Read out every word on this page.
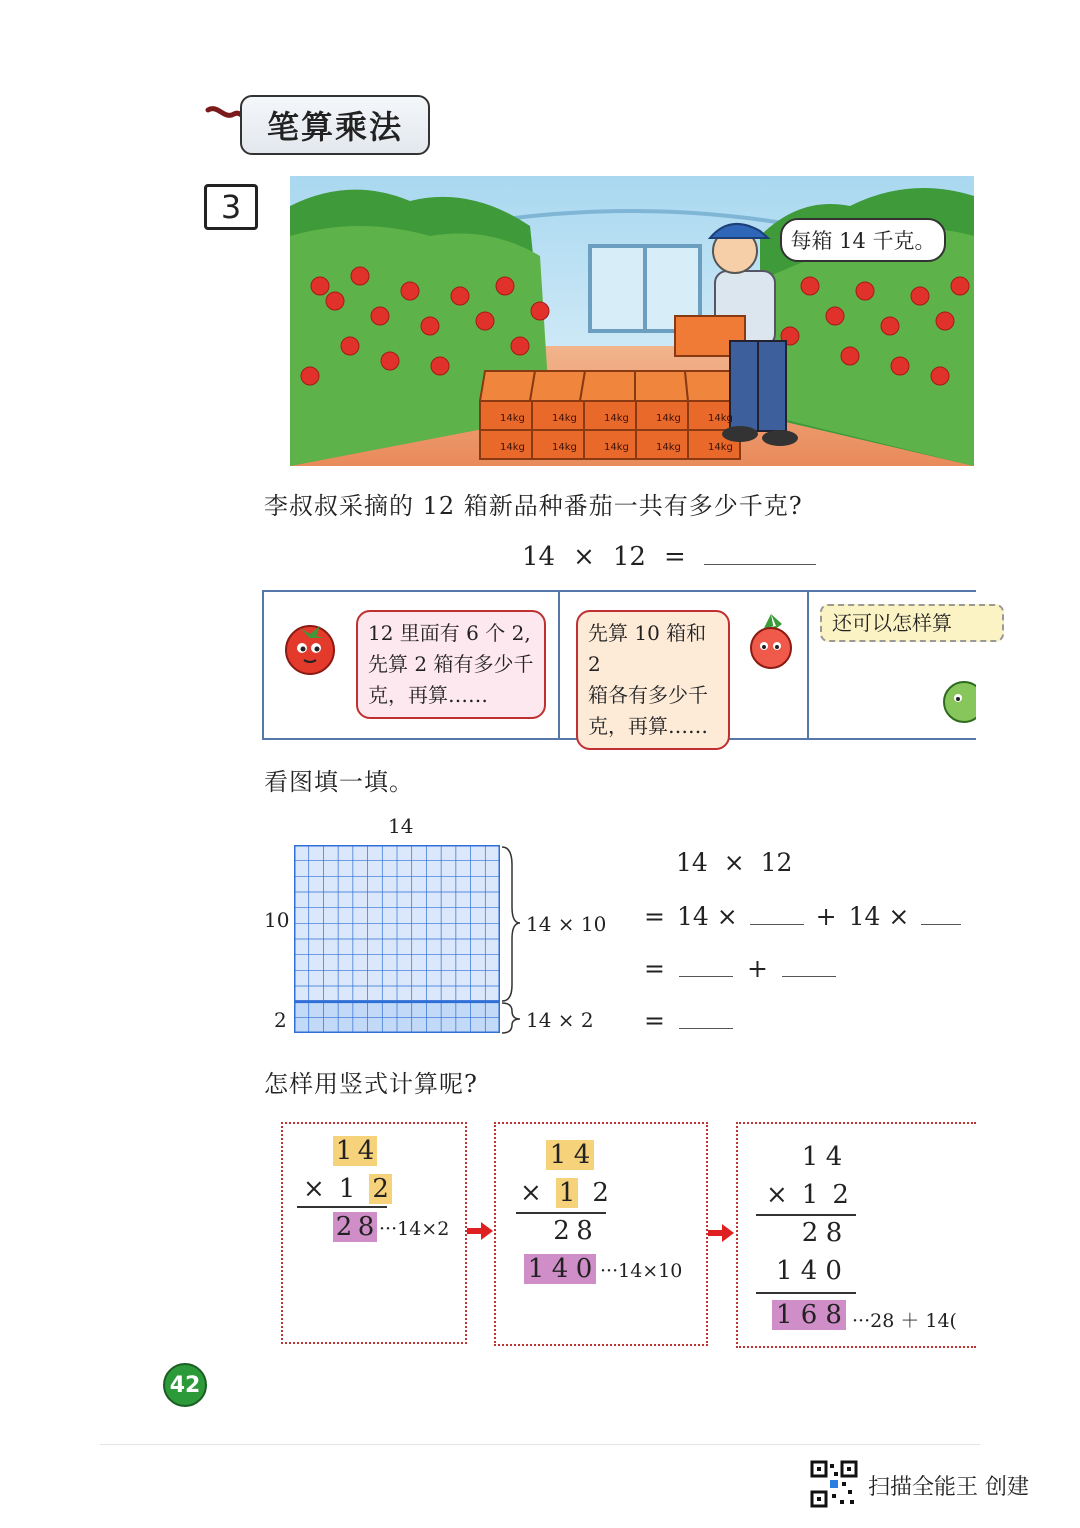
笔算乘法
3
每箱 14 千克。
14kg	14kg	14kg	14kg	14kg
14kg	14kg	14kg	14kg	14kg
李叔叔采摘的 12 箱新品种番茄一共有多少千克?
14 × 12 =
12 里面有 6 个 2,
先算 2 箱有多少千
克，再算……
先算 10 箱和 2
箱各有多少千
克，再算……
还可以怎样算
看图填一填。
14
10
2
14 × 10
14 × 2
14 × 12
= 14 ×	+ 14 ×
=	+
=
怎样用竖式计算呢?
1 4
× 1 2
2 8 ···14×2
1 4
× 1 2
2 8
1 4 0 ···14×10
1 4
× 1 2
2 8
1 4 0
1 6 8 ···28 ＋ 14(
42
扫描全能王 创建
